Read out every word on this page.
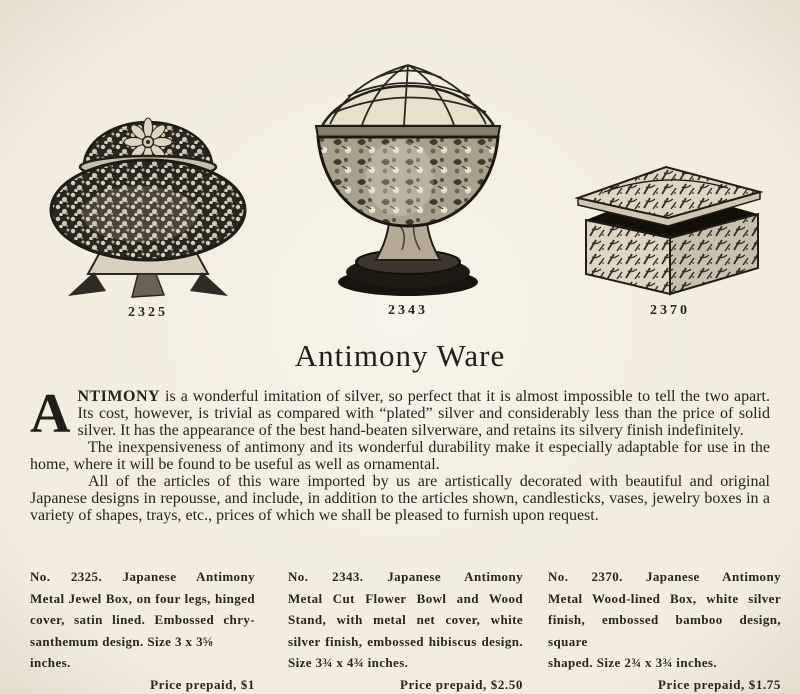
2325	2343	2370
Antimony Ware

ANTIMONY is a wonderful imitation of silver, so perfect that it is almost impossible to tell the two apart. Its cost, however, is trivial as compared with “plated” silver and considerably less than the price of solid silver. It has the appearance of the best hand-beaten silverware, and retains its silvery finish indefinitely.

The inexpensiveness of antimony and its wonderful durability make it especially adaptable for use in the home, where it will be found to be useful as well as ornamental.

All of the articles of this ware imported by us are artistically decorated with beautiful and original Japanese designs in repousse, and include, in addition to the articles shown, candlesticks, vases, jewelry boxes in a variety of shapes, trays, etc., prices of which we shall be pleased to furnish upon request.

No. 2325. Japanese Antimony
Metal Jewel Box, on four legs, hinged
cover, satin lined. Embossed chry-
santhemum design. Size 3 x 3⅝ inches.
Price prepaid, $1
No. 2343. Japanese Antimony
Metal Cut Flower Bowl and Wood
Stand, with metal net cover, white
silver finish, embossed hibiscus design.
Size 3¾ x 4¾ inches.
Price prepaid, $2.50
No. 2370. Japanese Antimony
Metal Wood-lined Box, white silver
finish, embossed bamboo design, square
shaped. Size 2¾ x 3¾ inches.
Price prepaid, $1.75
